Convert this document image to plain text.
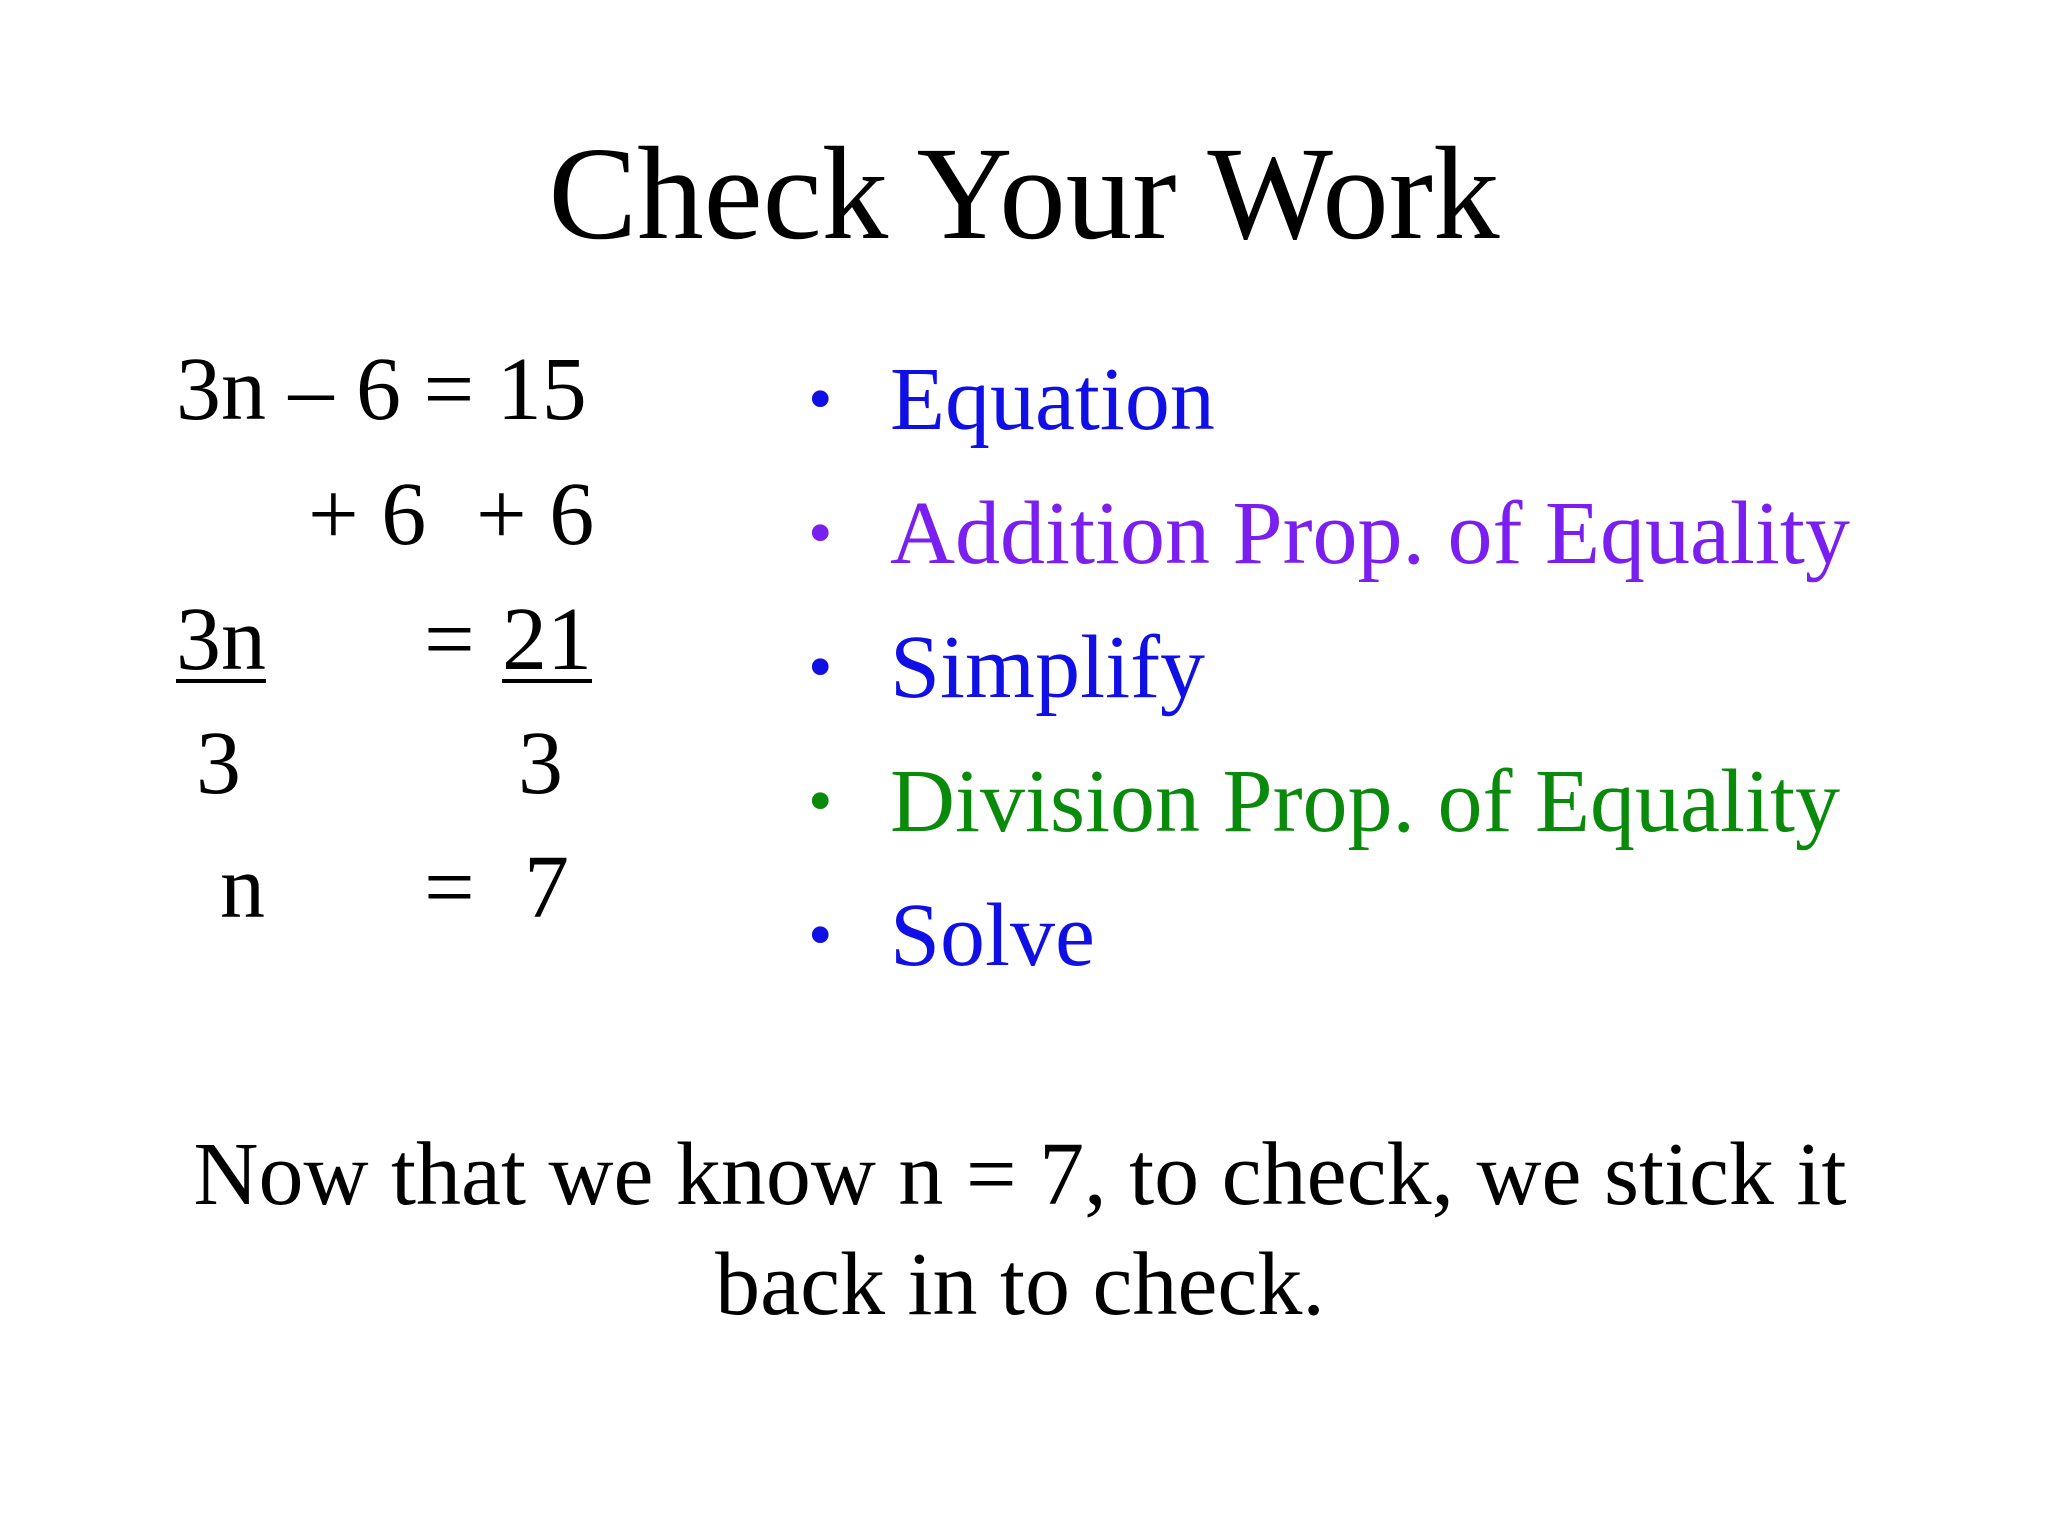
Check Your Work
3n – 6 = 15
+ 6 + 6
3n = 21
3	3
n = 7
• Equation
• Addition Prop. of Equality
• Simplify
• Division Prop. of Equality
• Solve

Now that we know n = 7, to check, we stick it back in to check.
